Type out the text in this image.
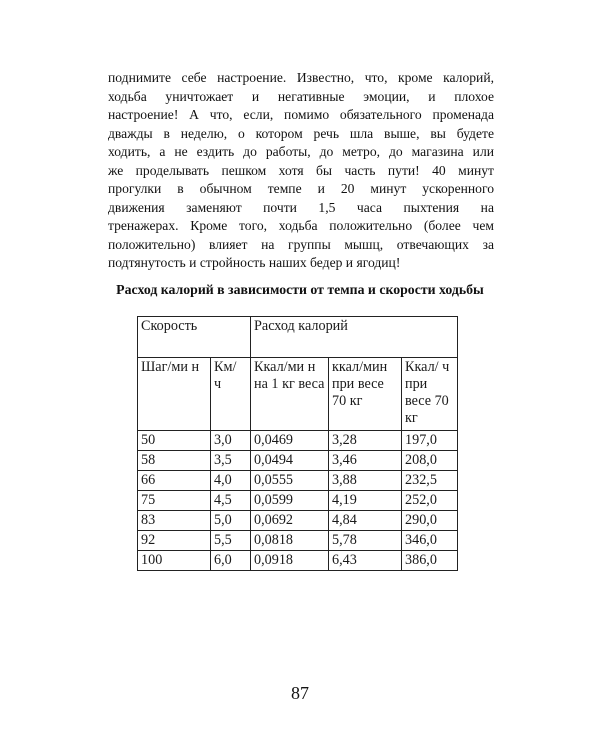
поднимите себе настроение. Известно, что, кроме калорий,
ходьба уничтожает и негативные эмоции, и плохое
настроение! А что, если, помимо обязательного променада
дважды в неделю, о котором речь шла выше, вы будете
ходить, а не ездить до работы, до метро, до магазина или
же проделывать пешком хотя бы часть пути! 40 минут
прогулки в обычном темпе и 20 минут ускоренного
движения заменяют почти 1,5 часа пыхтения на
тренажерах. Кроме того, ходьба положительно (более чем
положительно) влияет на группы мышц, отвечающих за
подтянутость и стройность наших бедер и ягодиц!
Расход калорий в зависимости от темпа и скорости ходьбы
Скорость		Расход калорий		
Шаг/ми н	Км/ ч	Ккал/ми н на 1 кг веса	ккал/мин при весе 70 кг	Ккал/ ч при весе 70 кг
50	3,0	0,0469	3,28	197,0
58	3,5	0,0494	3,46	208,0
66	4,0	0,0555	3,88	232,5
75	4,5	0,0599	4,19	252,0
83	5,0	0,0692	4,84	290,0
92	5,5	0,0818	5,78	346,0
100	6,0	0,0918	6,43	386,0
87
